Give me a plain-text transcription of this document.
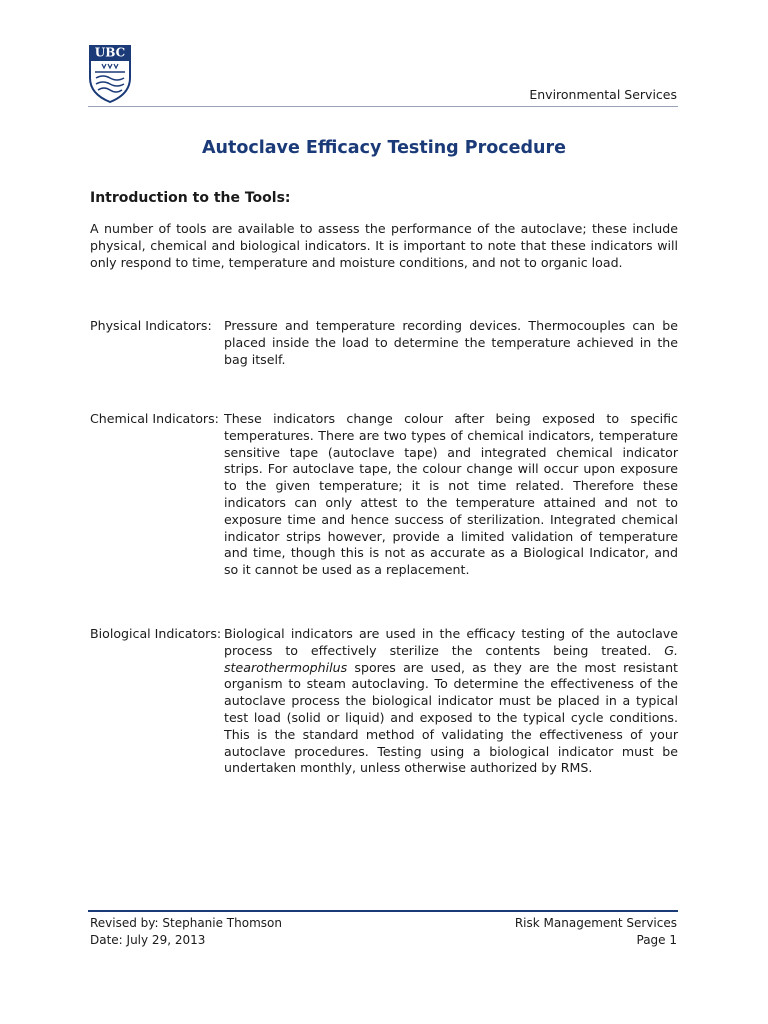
UBC
Environmental Services
Autoclave Efficacy Testing Procedure
Introduction to the Tools:
A number of tools are available to assess the performance of the autoclave; these include physical, chemical and biological indicators. It is important to note that these indicators will only respond to time, temperature and moisture conditions, and not to organic load.
Physical Indicators: Pressure and temperature recording devices. Thermocouples can be placed inside the load to determine the temperature achieved in the bag itself.
Chemical Indicators: These indicators change colour after being exposed to specific temperatures. There are two types of chemical indicators, temperature sensitive tape (autoclave tape) and integrated chemical indicator strips. For autoclave tape, the colour change will occur upon exposure to the given temperature; it is not time related. Therefore these indicators can only attest to the temperature attained and not to exposure time and hence success of sterilization. Integrated chemical indicator strips however, provide a limited validation of temperature and time, though this is not as accurate as a Biological Indicator, and so it cannot be used as a replacement.
Biological Indicators: Biological indicators are used in the efficacy testing of the autoclave process to effectively sterilize the contents being treated. G. stearothermophilus spores are used, as they are the most resistant organism to steam autoclaving. To determine the effectiveness of the autoclave process the biological indicator must be placed in a typical test load (solid or liquid) and exposed to the typical cycle conditions. This is the standard method of validating the effectiveness of your autoclave procedures. Testing using a biological indicator must be undertaken monthly, unless otherwise authorized by RMS.
Revised by: Stephanie Thomson
Date: July 29, 2013
Risk Management Services
Page 1
